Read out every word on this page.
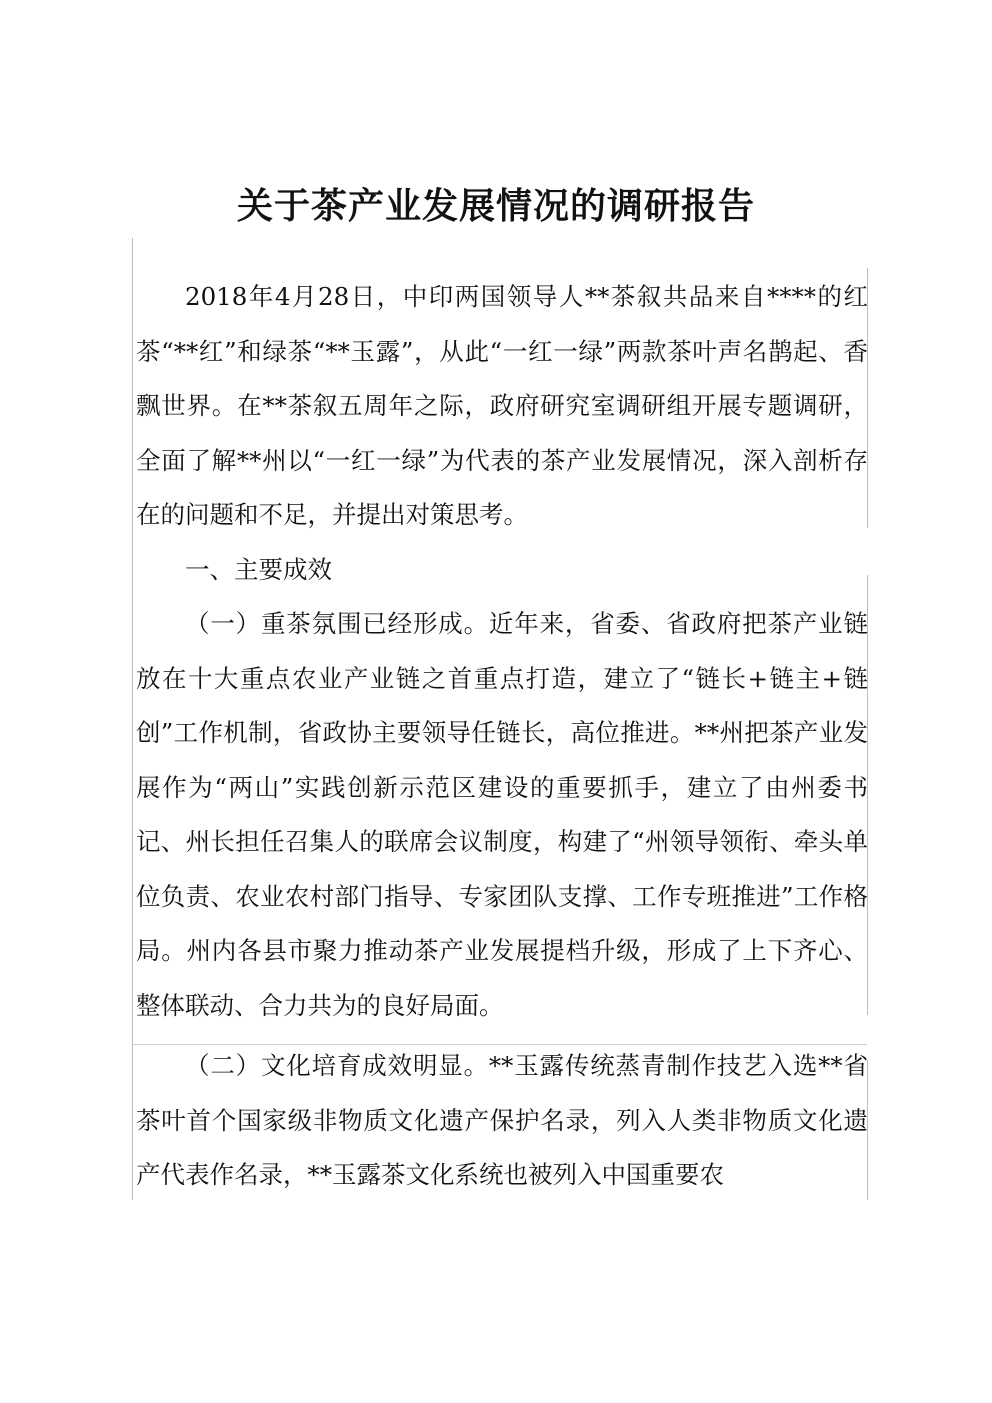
关于茶产业发展情况的调研报告

2018年4月28日，中印两国领导人**茶叙共品来自****的红茶“**红”和绿茶“**玉露”，从此“一红一绿”两款茶叶声名鹊起、香飘世界。在**茶叙五周年之际，政府研究室调研组开展专题调研，全面了解**州以“一红一绿”为代表的茶产业发展情况，深入剖析存在的问题和不足，并提出对策思考。

一、主要成效

（一）重茶氛围已经形成。近年来，省委、省政府把茶产业链放在十大重点农业产业链之首重点打造，建立了“链长+链主+链创”工作机制，省政协主要领导任链长，高位推进。**州把茶产业发展作为“两山”实践创新示范区建设的重要抓手，建立了由州委书记、州长担任召集人的联席会议制度，构建了“州领导领衔、牵头单位负责、农业农村部门指导、专家团队支撑、工作专班推进”工作格局。州内各县市聚力推动茶产业发展提档升级，形成了上下齐心、整体联动、合力共为的良好局面。

（二）文化培育成效明显。**玉露传统蒸青制作技艺入选**省茶叶首个国家级非物质文化遗产保护名录，列入人类非物质文化遗产代表作名录，**玉露茶文化系统也被列入中国重要农
